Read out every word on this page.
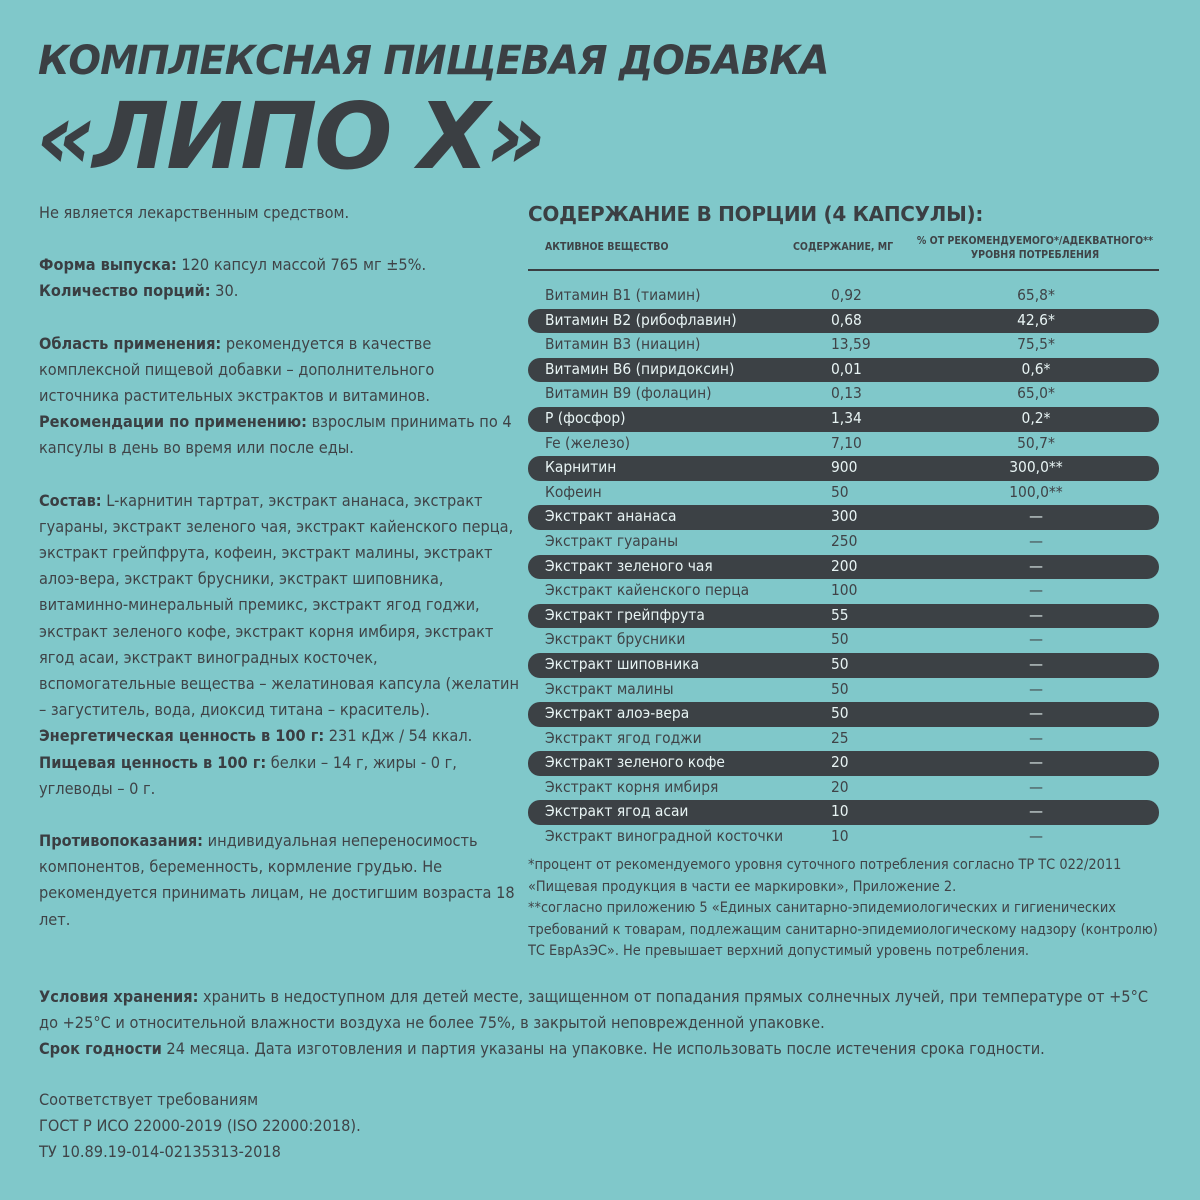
КОМПЛЕКСНАЯ ПИЩЕВАЯ ДОБАВКА
«ЛИПО Х»

Не является лекарственным средством.

Форма выпуска: 120 капсул массой 765 мг ±5%.

Количество порций: 30.

Область применения: рекомендуется в качестве комплексной пищевой добавки – дополнительного источника растительных экстрактов и витаминов.

Рекомендации по применению: взрослым принимать по 4 капсулы в день во время или после еды.

Состав: L-карнитин тартрат, экстракт ананаса, экстракт гуараны, экстракт зеленого чая, экстракт кайенского перца, экстракт грейпфрута, кофеин, экстракт малины, экстракт алоэ-вера, экстракт брусники, экстракт шиповника, витаминно-минеральный премикс, экстракт ягод годжи, экстракт зеленого кофе, экстракт корня имбиря, экстракт ягод асаи, экстракт виноградных косточек, вспомогательные вещества – желатиновая капсула (желатин – загуститель, вода, диоксид титана – краситель).

Энергетическая ценность в 100 г: 231 кДж / 54 ккал.

Пищевая ценность в 100 г: белки – 14 г, жиры - 0 г, углеводы – 0 г.

Противопоказания: индивидуальная непереносимость компонентов, беременность, кормление грудью. Не рекомендуется принимать лицам, не достигшим возраста 18 лет.

СОДЕРЖАНИЕ В ПОРЦИИ (4 КАПСУЛЫ):
АКТИВНОЕ ВЕЩЕСТВО	СОДЕРЖАНИЕ, МГ	% ОТ РЕКОМЕНДУЕМОГО*/АДЕКВАТНОГО** УРОВНЯ ПОТРЕБЛЕНИЯ
Витамин В1 (тиамин)	0,92	65,8*
Витамин В2 (рибофлавин)	0,68	42,6*
Витамин В3 (ниацин)	13,59	75,5*
Витамин В6 (пиридоксин)	0,01	0,6*
Витамин В9 (фолацин)	0,13	65,0*
P (фосфор)	1,34	0,2*
Fe (железо)	7,10	50,7*
Карнитин	900	300,0**
Кофеин	50	100,0**
Экстракт ананаса	300	—
Экстракт гуараны	250	—
Экстракт зеленого чая	200	—
Экстракт кайенского перца	100	—
Экстракт грейпфрута	55	—
Экстракт брусники	50	—
Экстракт шиповника	50	—
Экстракт малины	50	—
Экстракт алоэ-вера	50	—
Экстракт ягод годжи	25	—
Экстракт зеленого кофе	20	—
Экстракт корня имбиря	20	—
Экстракт ягод асаи	10	—
Экстракт виноградной косточки	10	—

*процент от рекомендуемого уровня суточного потребления согласно ТР ТС 022/2011 «Пищевая продукция в части ее маркировки», Приложение 2.

**согласно приложению 5 «Единых санитарно-эпидемиологических и гигиенических требований к товарам, подлежащим санитарно-эпидемиологическому надзору (контролю) ТС ЕврАзЭС». Не превышает верхний допустимый уровень потребления.

Условия хранения: хранить в недоступном для детей месте, защищенном от попадания прямых солнечных лучей, при температуре от +5°C до +25°C и относительной влажности воздуха не более 75%, в закрытой неповрежденной упаковке.

Срок годности 24 месяца. Дата изготовления и партия указаны на упаковке. Не использовать после истечения срока годности.

Соответствует требованиям

ГОСТ Р ИСО 22000-2019 (ISO 22000:2018).

ТУ 10.89.19-014-02135313-2018
